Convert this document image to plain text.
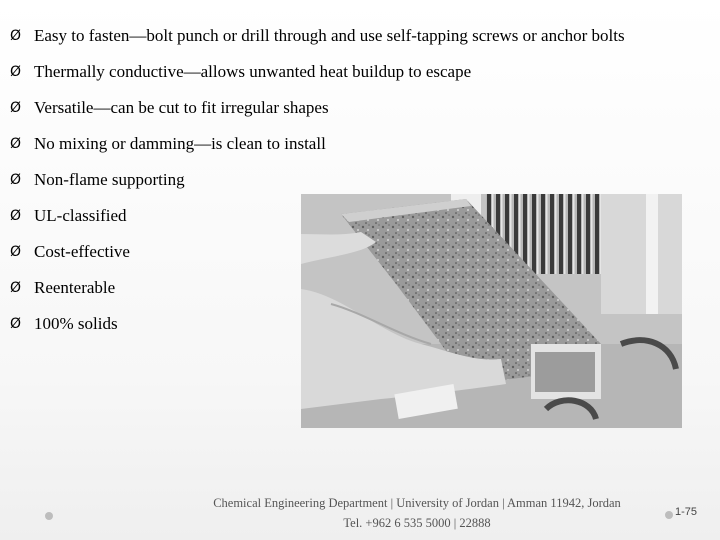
Ø Easy to fasten—bolt punch or drill through and use self-tapping screws or anchor bolts
Ø Thermally conductive—allows unwanted heat buildup to escape
Ø Versatile—can be cut to fit irregular shapes
Ø No mixing or damming—is clean to install
Ø Non-flame supporting
Ø UL-classified
Ø Cost-effective
Ø Reenterable
Ø 100% solids
Chemical Engineering Department | University of Jordan | Amman 11942, Jordan
Tel. +962 6 535 5000 | 22888
1-75
